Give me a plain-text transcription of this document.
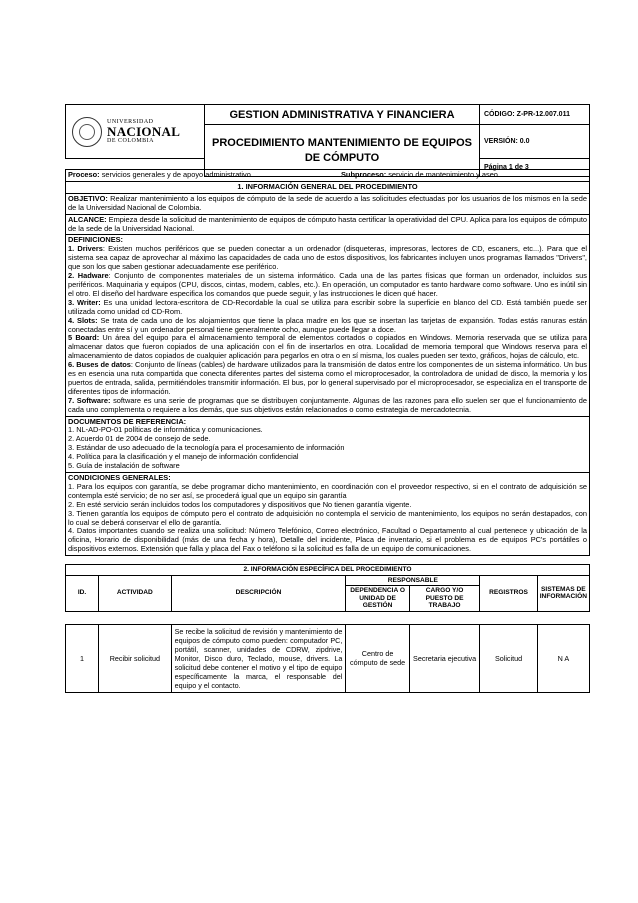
UNIVERSIDAD
NACIONAL
DE COLOMBIA	GESTION ADMINISTRATIVA Y FINANCIERA	CÓDIGO: Z-PR-12.007.011
	PROCEDIMIENTO MANTENIMIENTO DE EQUIPOS DE CÓMPUTO	VERSIÓN: 0.0
		Página 1 de 3
Proceso: servicios generales y de apoyo administrativo	Subproceso: servicio de mantenimiento y aseo

1. INFORMACIÓN GENERAL DEL PROCEDIMIENTO
OBJETIVO: Realizar mantenimiento a los equipos de cómputo de la sede de acuerdo a las solicitudes efectuadas por los usuarios de los mismos en la sede de la Universidad Nacional de Colombia.
ALCANCE: Empieza desde la solicitud de mantenimiento de equipos de cómputo hasta certificar la operatividad del CPU. Aplica para los equipos de cómputo de la sede de la Universidad Nacional.

DEFINICIONES:
1. Drivers: Existen muchos periféricos que se pueden conectar a un ordenador (disqueteras, impresoras, lectores de CD, escaners, etc...). Para que el sistema sea capaz de aprovechar al máximo las capacidades de cada uno de estos dispositivos, los fabricantes incluyen unos programas llamados "Drivers", que son los que saben gestionar adecuadamente ese periférico.
2. Hadware: Conjunto de componentes materiales de un sistema informático. Cada una de las partes físicas que forman un ordenador, incluidos sus periféricos. Maquinaria y equipos (CPU, discos, cintas, modem, cables, etc.). En operación, un computador es tanto hardware como software. Uno es inútil sin el otro. El diseño del hardware especifica los comandos que puede seguir, y las instrucciones le dicen qué hacer.
3. Writer: Es una unidad lectora-escritora de CD-Recordable la cual se utiliza para escribir sobre la superficie en blanco del CD. Está también puede ser utilizada como unidad cd CD-Rom.
4. Slots: Se trata de cada uno de los alojamientos que tiene la placa madre en los que se insertan las tarjetas de expansión. Todas estás ranuras están conectadas entre sí y un ordenador personal tiene generalmente ocho, aunque puede llegar a doce.
5 Board: Un área del equipo para el almacenamiento temporal de elementos cortados o copiados en Windows. Memoria reservada que se utiliza para almacenar datos que fueron copiados de una aplicación con el fin de insertarlos en otra. Localidad de memoria temporal que Windows reserva para el almacenamiento de datos copiados de cualquier aplicación para pegarlos en otra o en sí misma, los cuales pueden ser texto, gráficos, hojas de cálculo, etc.
6. Buses de datos: Conjunto de líneas (cables) de hardware utilizados para la transmisión de datos entre los componentes de un sistema informático. Un bus es en esencia una ruta compartida que conecta diferentes partes del sistema como el microprocesador, la controladora de unidad de disco, la memoria y los puertos de entrada, salida, permitiéndoles transmitir información. El bus, por lo general supervisado por el microprocesador, se especializa en el transporte de diferentes tipos de información.
7. Software: software es una serie de programas que se distribuyen conjuntamente. Algunas de las razones para ello suelen ser que el funcionamiento de cada uno complementa o requiere a los demás, que sus objetivos están relacionados o como estrategia de mercadotecnia.

DOCUMENTOS DE REFERENCIA:
1. NL-AD-PO-01 políticas de informática y comunicaciones.
2. Acuerdo 01 de 2004 de consejo de sede.
3. Estándar de uso adecuado de la tecnología para el procesamiento de información
4. Política para la clasificación y el manejo de información confidencial
5. Guía de instalación de software

CONDICIONES GENERALES:
1. Para los equipos con garantía, se debe programar dicho mantenimiento, en coordinación con el proveedor respectivo, si en el contrato de adquisición se contempla esté servicio; de no ser así, se procederá igual que un equipo sin garantía
2. En esté servicio serán incluidos todos los computadores y dispositivos que No tienen garantía vigente.
3. Tienen garantía los equipos de cómputo pero el contrato de adquisición no contempla el servicio de mantenimiento, los equipos no serán destapados, con lo cual se deberá conservar el ello de garantía.
4. Datos importantes cuando se realiza una solicitud: Número Telefónico, Correo electrónico, Facultad o Departamento al cual pertenece y ubicación de la oficina, Horario de disponibilidad (más de una fecha y hora), Detalle del incidente, Placa de inventario, si el problema es de equipos PC's portátiles o dispositivos externos. Extensión que falla y placa del Fax o teléfono si la solicitud es falla de un equipo de comunicaciones.
2. INFORMACIÓN ESPECÍFICA DEL PROCEDIMIENTO						
ID.	ACTIVIDAD	DESCRIPCIÓN	RESPONSABLE		REGISTROS	SISTEMAS DE INFORMACIÓN
			DEPENDENCIA O UNIDAD DE GESTIÓN	CARGO Y/O PUESTO DE TRABAJO		

1	Recibir solicitud	Se recibe la solicitud de revisión y mantenimiento de equipos de cómputo como pueden: computador PC, portátil, scanner, unidades de CDRW, zipdrive, Monitor, Disco duro, Teclado, mouse, drivers. La solicitud debe contener el motivo y el tipo de equipo específicamente la marca, el responsable del equipo y el contacto.	Centro de cómputo de sede	Secretaria ejecutiva	Solicitud	N A
